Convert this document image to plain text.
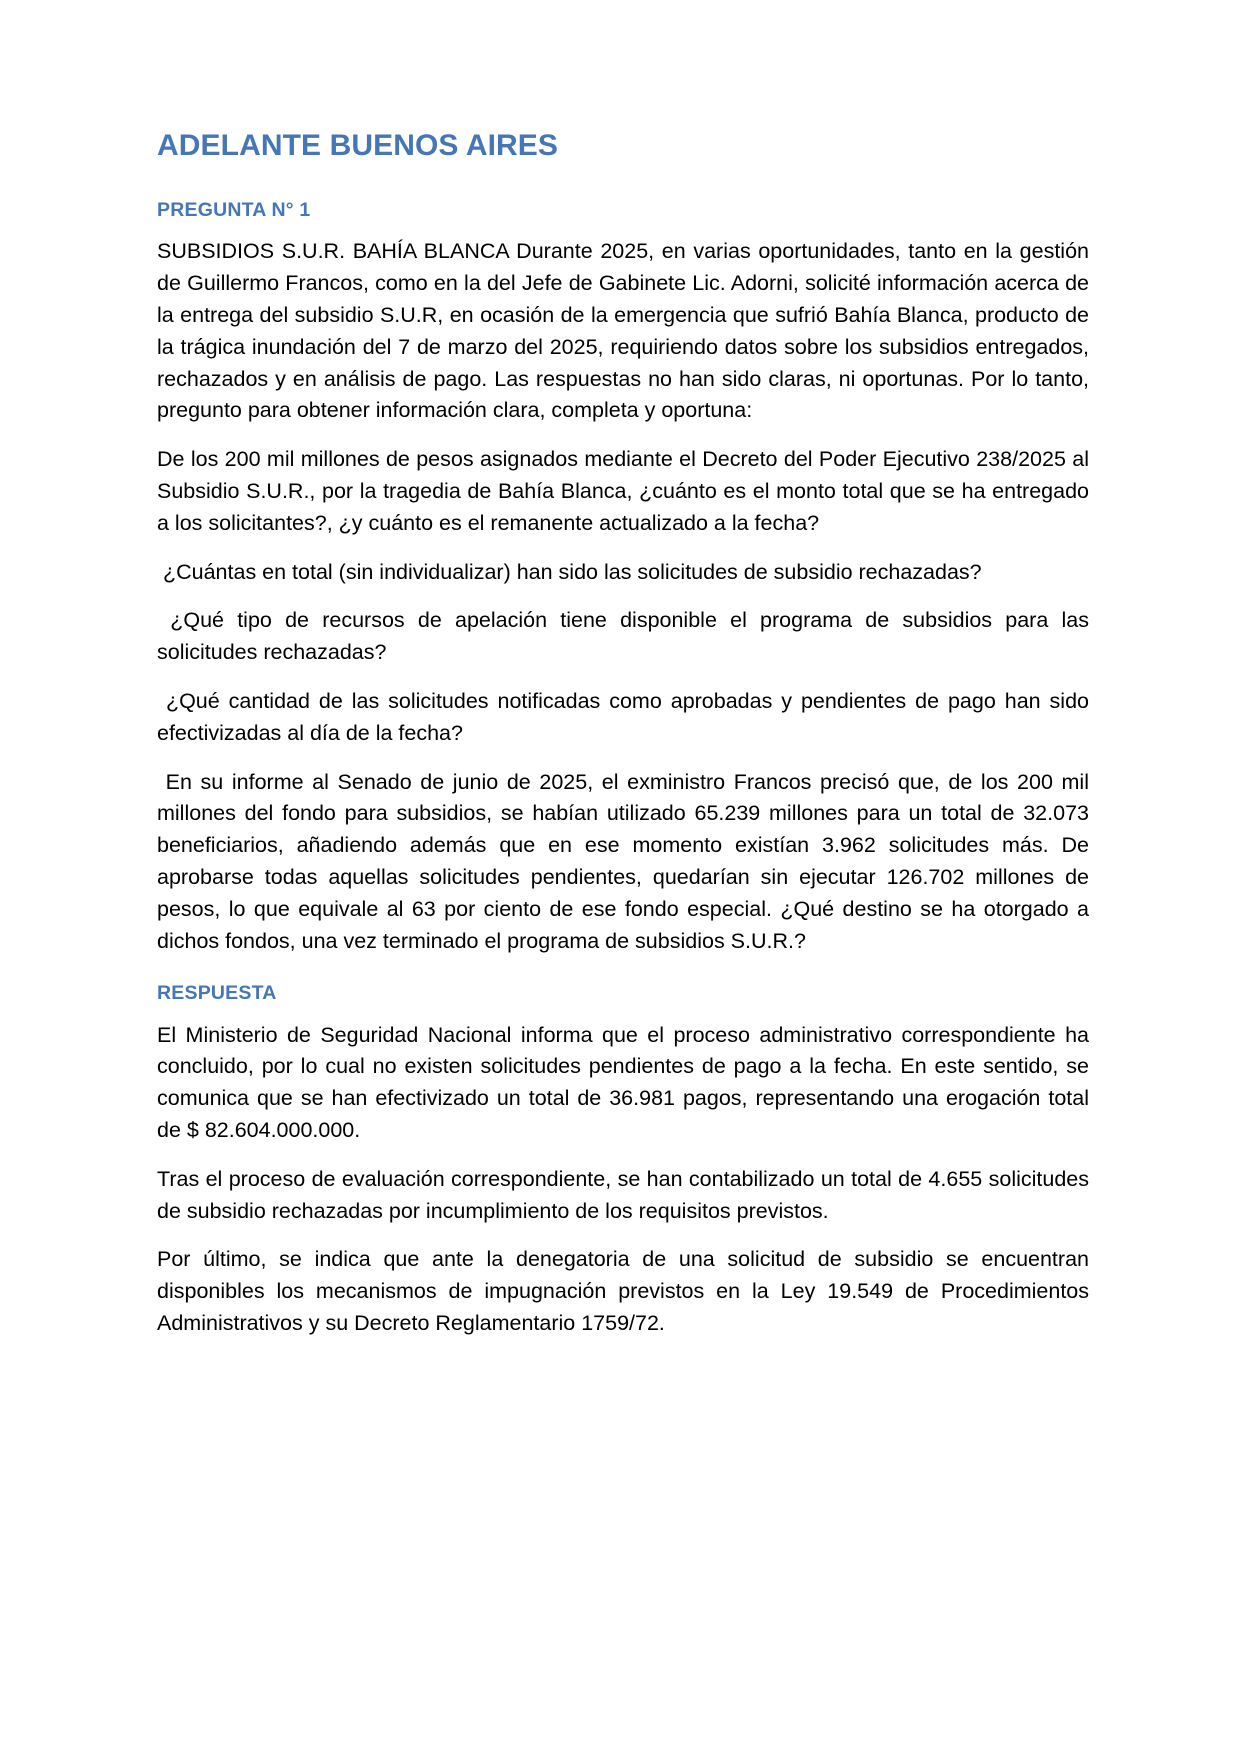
ADELANTE BUENOS AIRES
PREGUNTA N° 1

SUBSIDIOS S.U.R. BAHÍA BLANCA Durante 2025, en varias oportunidades, tanto en la gestión de Guillermo Francos, como en la del Jefe de Gabinete Lic. Adorni, solicité información acerca de la entrega del subsidio S.U.R, en ocasión de la emergencia que sufrió Bahía Blanca, producto de la trágica inundación del 7 de marzo del 2025, requiriendo datos sobre los subsidios entregados, rechazados y en análisis de pago. Las respuestas no han sido claras, ni oportunas. Por lo tanto, pregunto para obtener información clara, completa y oportuna:

De los 200 mil millones de pesos asignados mediante el Decreto del Poder Ejecutivo 238/2025 al Subsidio S.U.R., por la tragedia de Bahía Blanca, ¿cuánto es el monto total que se ha entregado a los solicitantes?, ¿y cuánto es el remanente actualizado a la fecha?

¿Cuántas en total (sin individualizar) han sido las solicitudes de subsidio rechazadas?

¿Qué tipo de recursos de apelación tiene disponible el programa de subsidios para las solicitudes rechazadas?

¿Qué cantidad de las solicitudes notificadas como aprobadas y pendientes de pago han sido efectivizadas al día de la fecha?

En su informe al Senado de junio de 2025, el exministro Francos precisó que, de los 200 mil millones del fondo para subsidios, se habían utilizado 65.239 millones para un total de 32.073 beneficiarios, añadiendo además que en ese momento existían 3.962 solicitudes más. De aprobarse todas aquellas solicitudes pendientes, quedarían sin ejecutar 126.702 millones de pesos, lo que equivale al 63 por ciento de ese fondo especial. ¿Qué destino se ha otorgado a dichos fondos, una vez terminado el programa de subsidios S.U.R.?

RESPUESTA

El Ministerio de Seguridad Nacional informa que el proceso administrativo correspondiente ha concluido, por lo cual no existen solicitudes pendientes de pago a la fecha. En este sentido, se comunica que se han efectivizado un total de 36.981 pagos, representando una erogación total de $ 82.604.000.000.

Tras el proceso de evaluación correspondiente, se han contabilizado un total de 4.655 solicitudes de subsidio rechazadas por incumplimiento de los requisitos previstos.

Por último, se indica que ante la denegatoria de una solicitud de subsidio se encuentran disponibles los mecanismos de impugnación previstos en la Ley 19.549 de Procedimientos Administrativos y su Decreto Reglamentario 1759/72.
